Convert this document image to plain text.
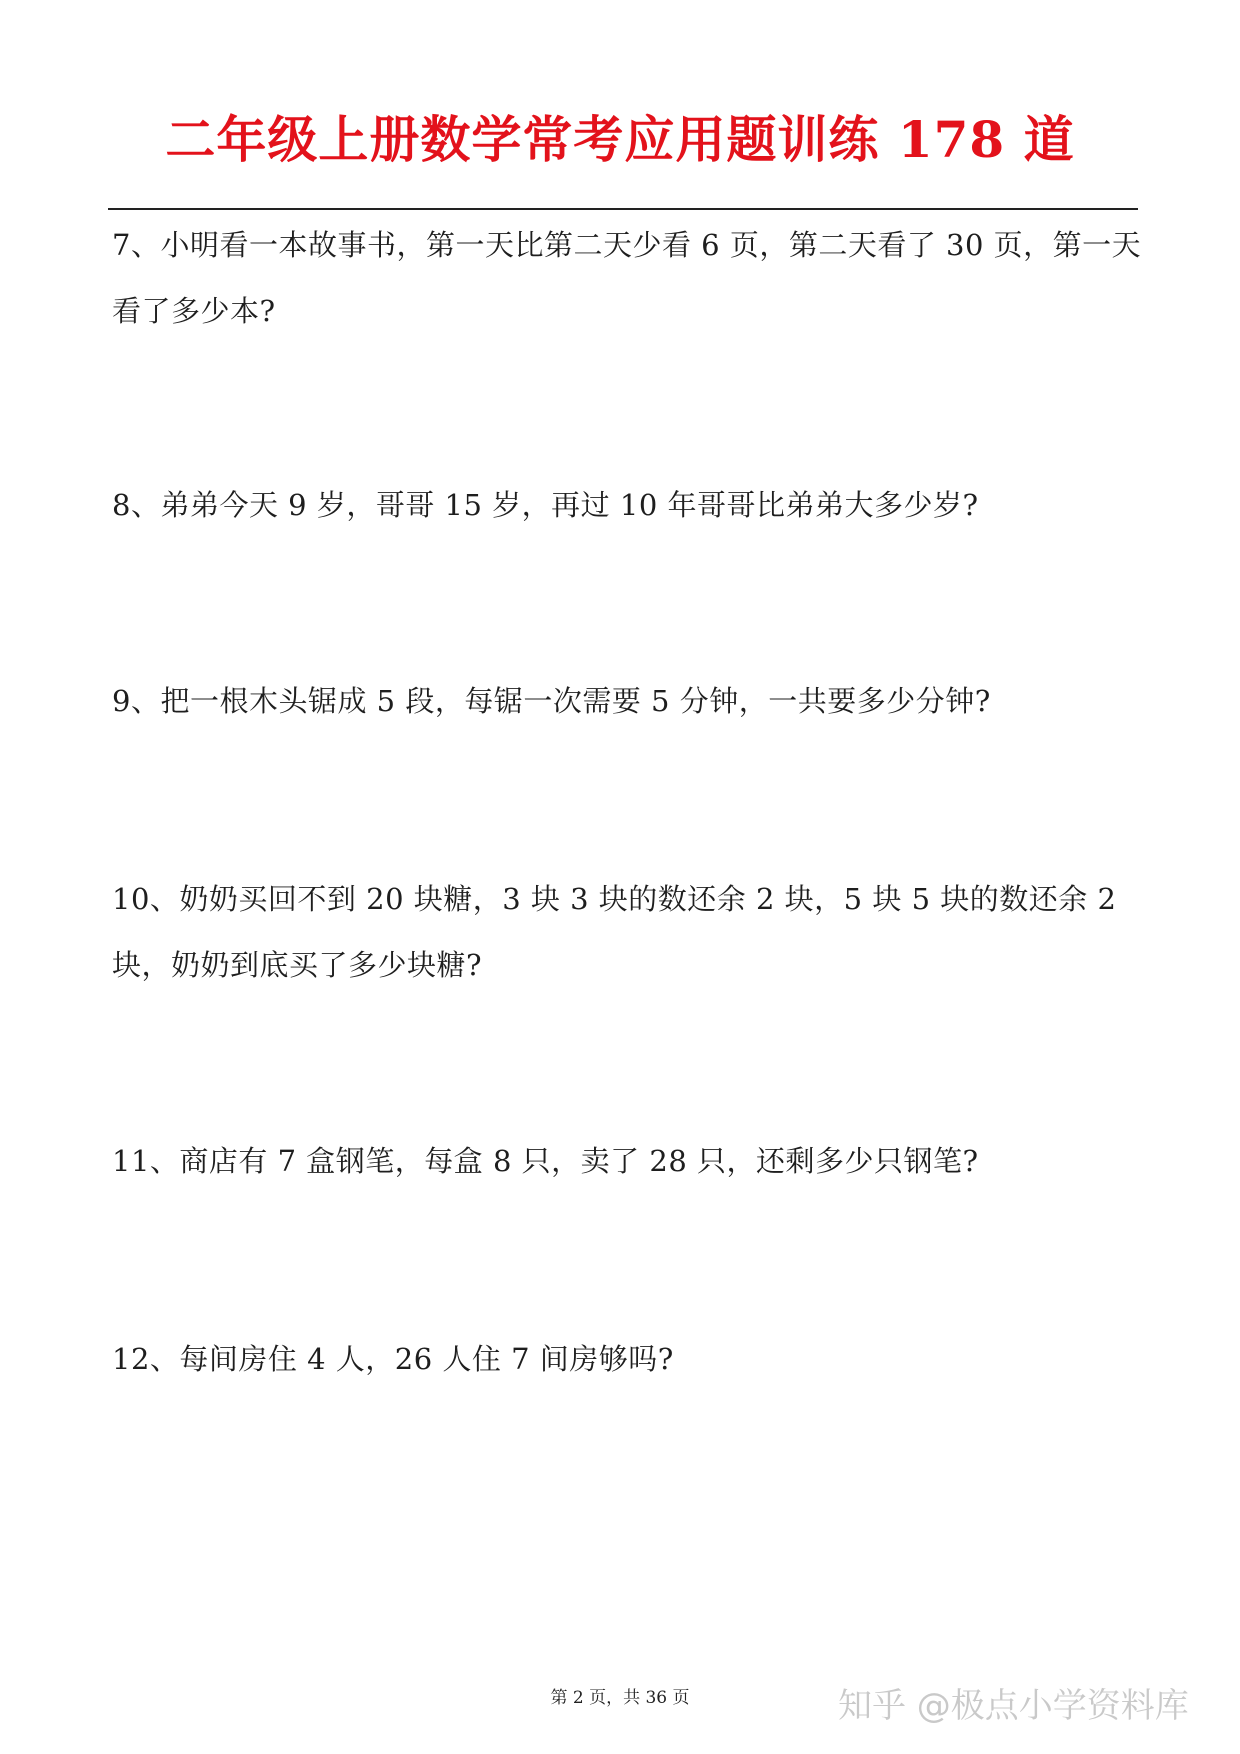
二年级上册数学常考应用题训练 178 道
7、小明看一本故事书，第一天比第二天少看 6 页，第二天看了 30 页，第一天看了多少本?
8、弟弟今天 9 岁，哥哥 15 岁，再过 10 年哥哥比弟弟大多少岁?
9、把一根木头锯成 5 段，每锯一次需要 5 分钟，一共要多少分钟?
10、奶奶买回不到 20 块糖，3 块 3 块的数还余 2 块，5 块 5 块的数还余 2 块，奶奶到底买了多少块糖?
11、商店有 7 盒钢笔，每盒 8 只，卖了 28 只，还剩多少只钢笔?
12、每间房住 4 人，26 人住 7 间房够吗?
第 2 页，共 36 页	知乎 @极点小学资料库
